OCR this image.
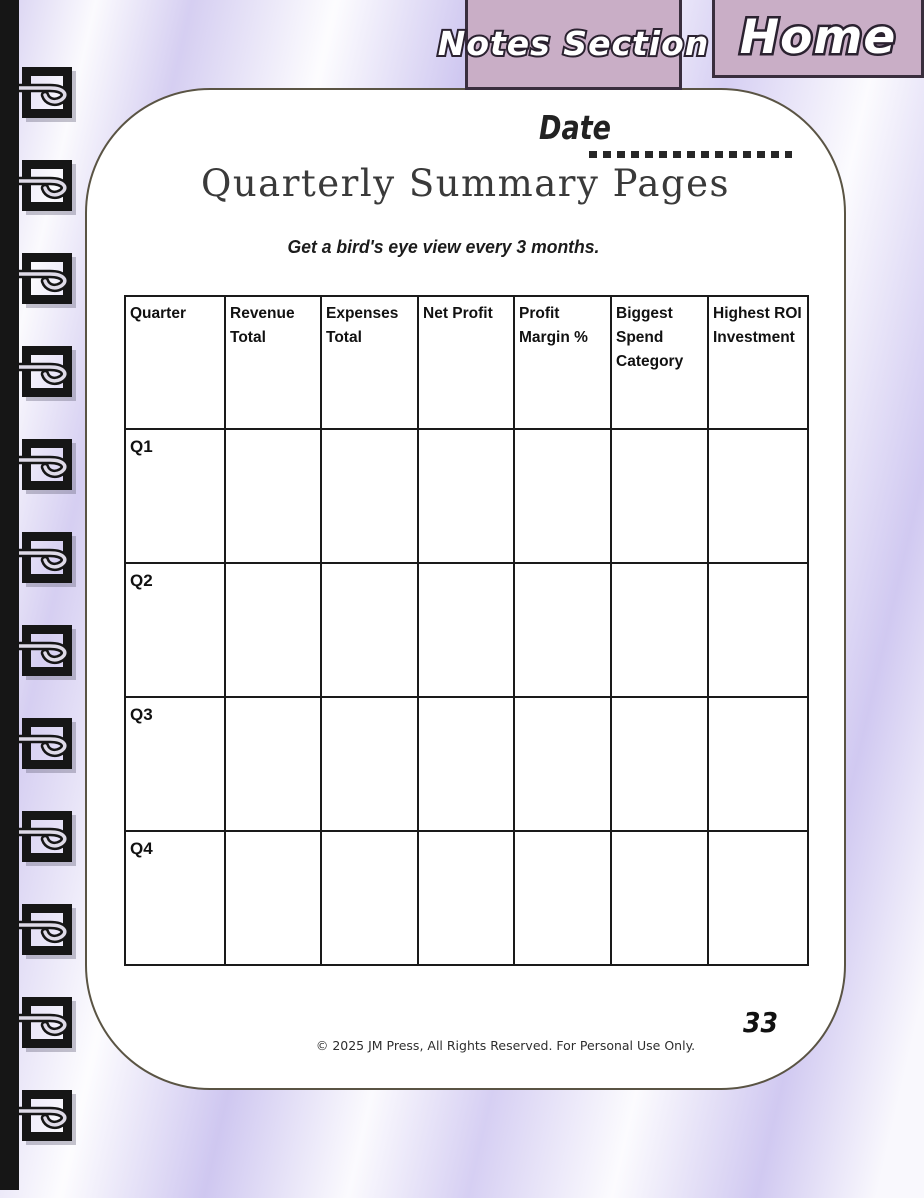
Notes Section Home
Date
Quarterly Summary Pages
Get a bird's eye view every 3 months.
Quarter	Revenue Total	Expenses Total	Net Profit	Profit Margin %	Biggest Spend Category	Highest ROI Investment
Q1						
Q2						
Q3						
Q4						
© 2025 JM Press, All Rights Reserved. For Personal Use Only.
33
